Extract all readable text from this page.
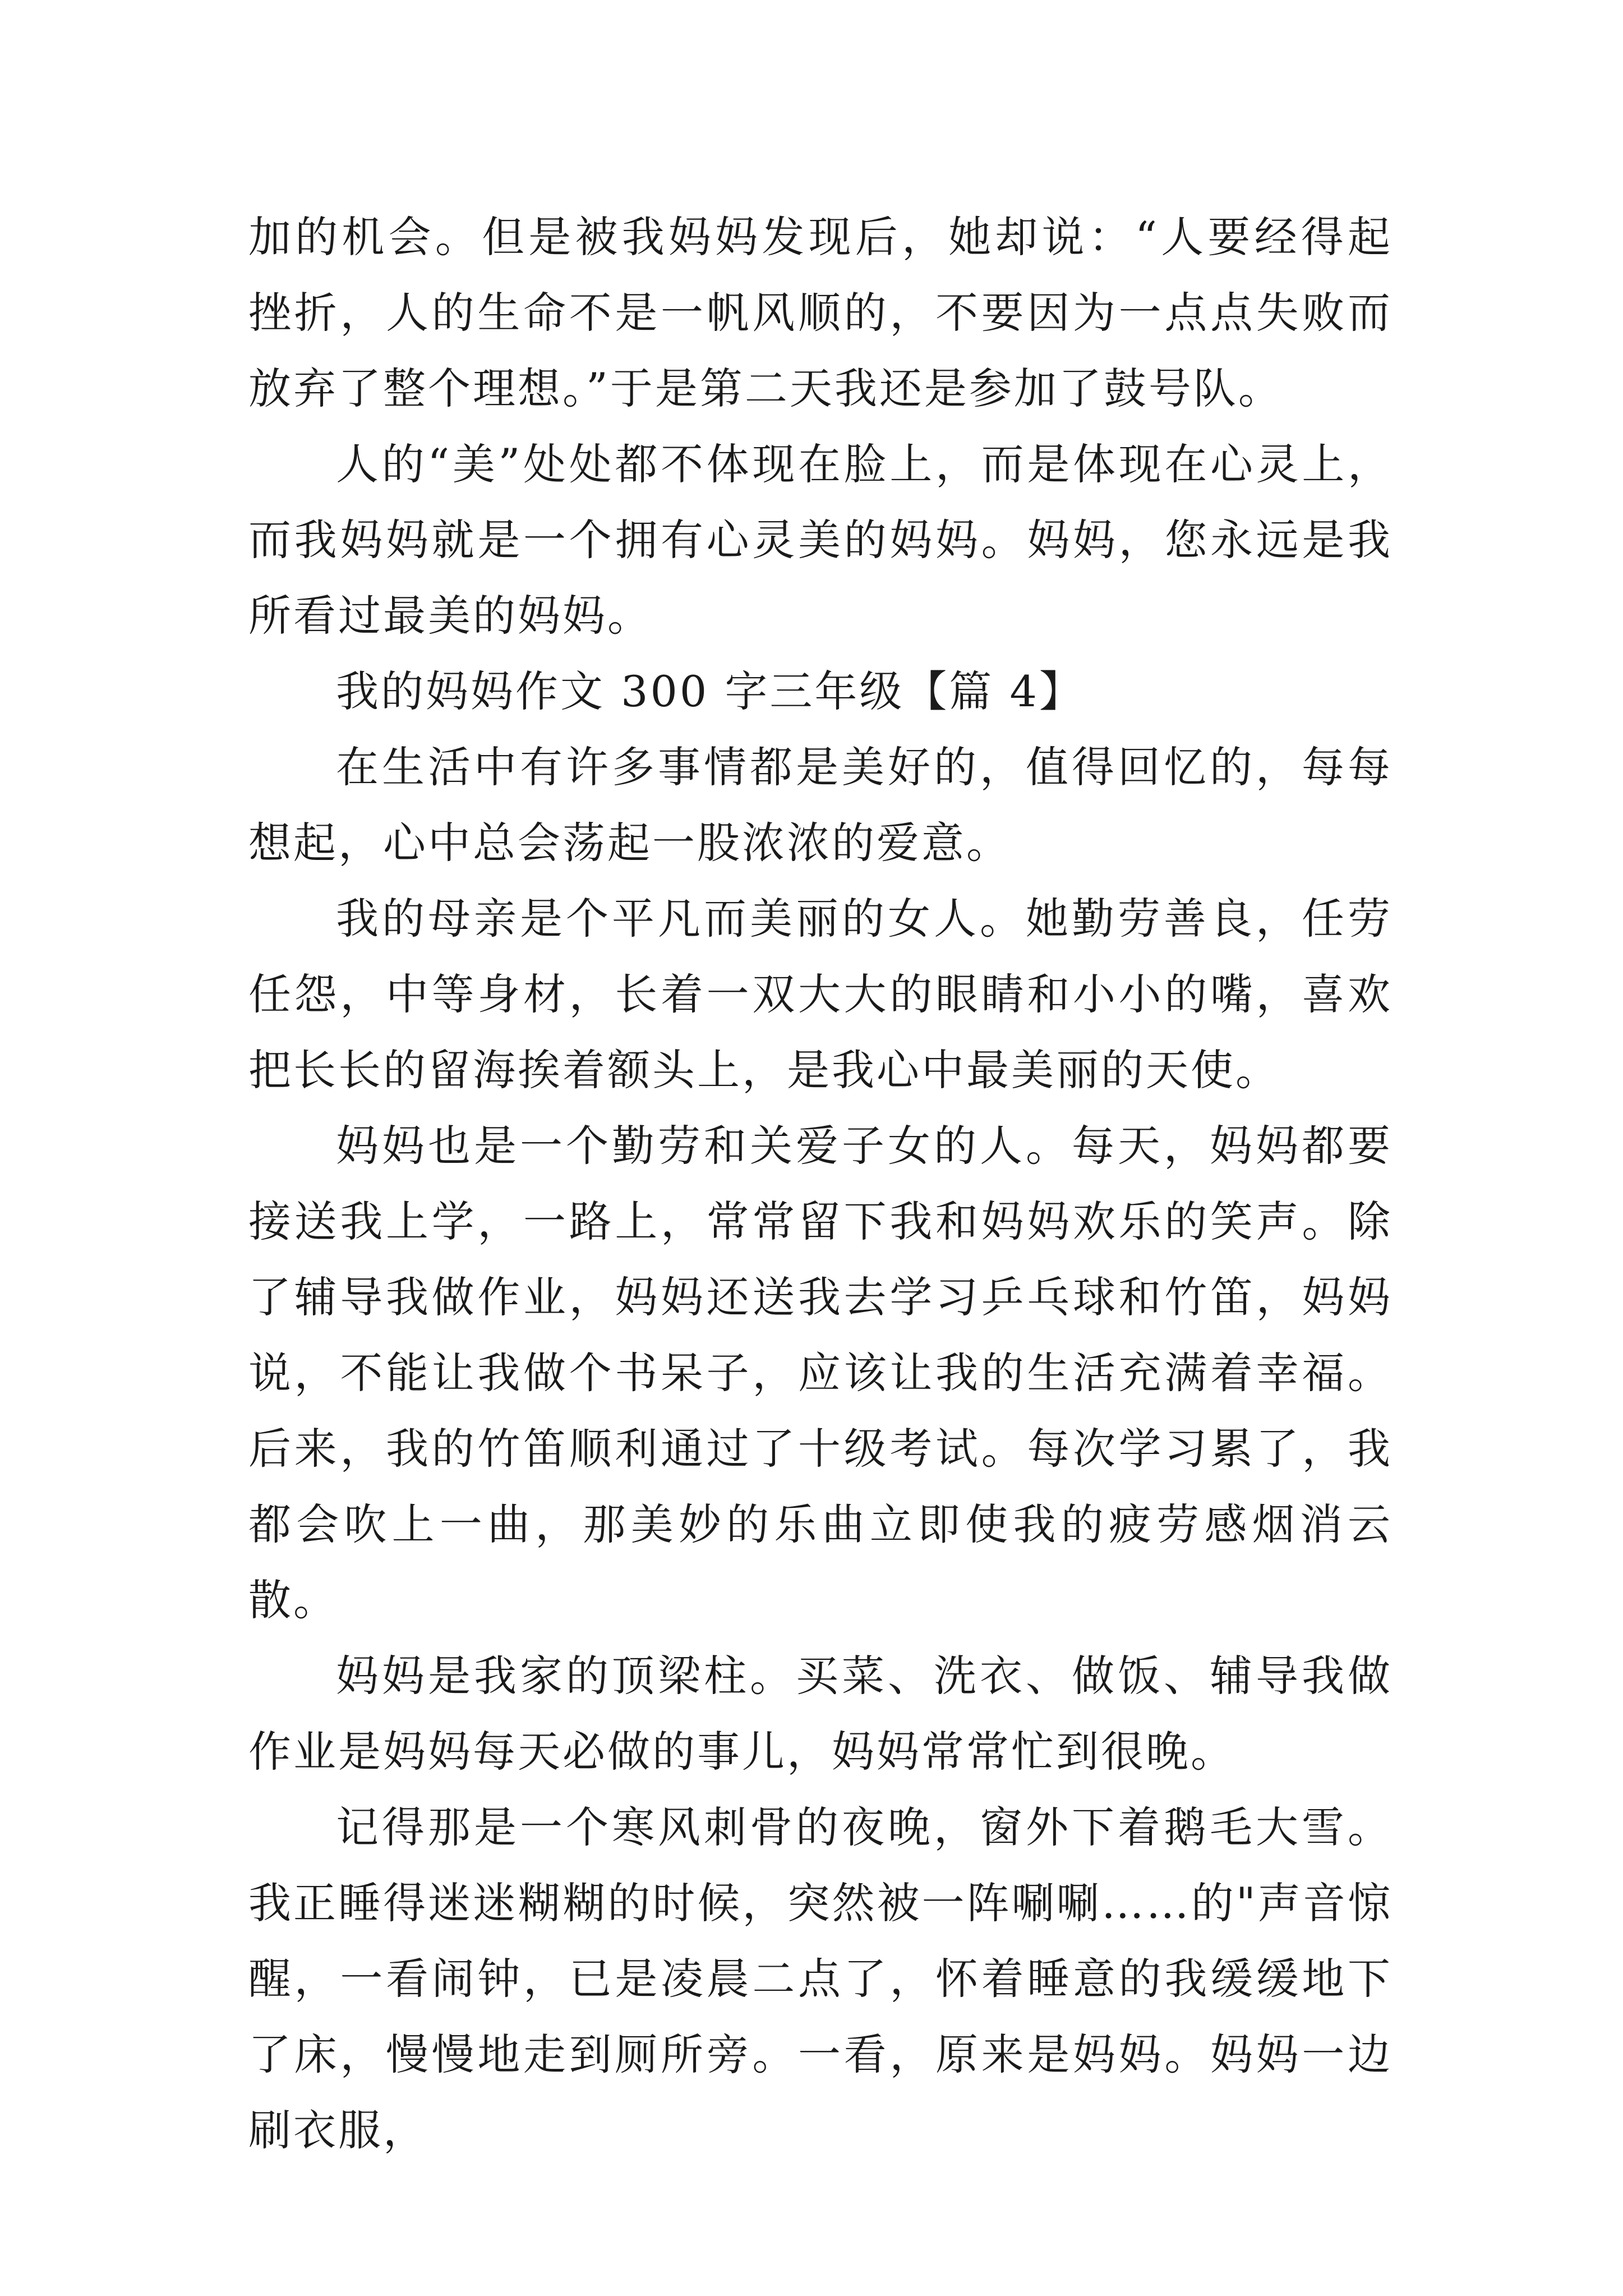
加的机会。但是被我妈妈发现后，她却说：“人要经得起挫折，人的生命不是一帆风顺的，不要因为一点点失败而放弃了整个理想。”于是第二天我还是参加了鼓号队。

人的“美”处处都不体现在脸上，而是体现在心灵上，而我妈妈就是一个拥有心灵美的妈妈。妈妈，您永远是我所看过最美的妈妈。

我的妈妈作文 300 字三年级【篇 4】

在生活中有许多事情都是美好的，值得回忆的，每每想起，心中总会荡起一股浓浓的爱意。

我的母亲是个平凡而美丽的女人。她勤劳善良，任劳任怨，中等身材，长着一双大大的眼睛和小小的嘴，喜欢把长长的留海挨着额头上，是我心中最美丽的天使。

妈妈也是一个勤劳和关爱子女的人。每天，妈妈都要接送我上学，一路上，常常留下我和妈妈欢乐的笑声。除了辅导我做作业，妈妈还送我去学习乒乓球和竹笛，妈妈说，不能让我做个书呆子，应该让我的生活充满着幸福。后来，我的竹笛顺利通过了十级考试。每次学习累了，我都会吹上一曲，那美妙的乐曲立即使我的疲劳感烟消云散。

妈妈是我家的顶梁柱。买菜、洗衣、做饭、辅导我做作业是妈妈每天必做的事儿，妈妈常常忙到很晚。

记得那是一个寒风刺骨的夜晚，窗外下着鹅毛大雪。我正睡得迷迷糊糊的时候，突然被一阵唰唰……的"声音惊醒，一看闹钟，已是凌晨二点了，怀着睡意的我缓缓地下了床，慢慢地走到厕所旁。一看，原来是妈妈。妈妈一边刷衣服，
